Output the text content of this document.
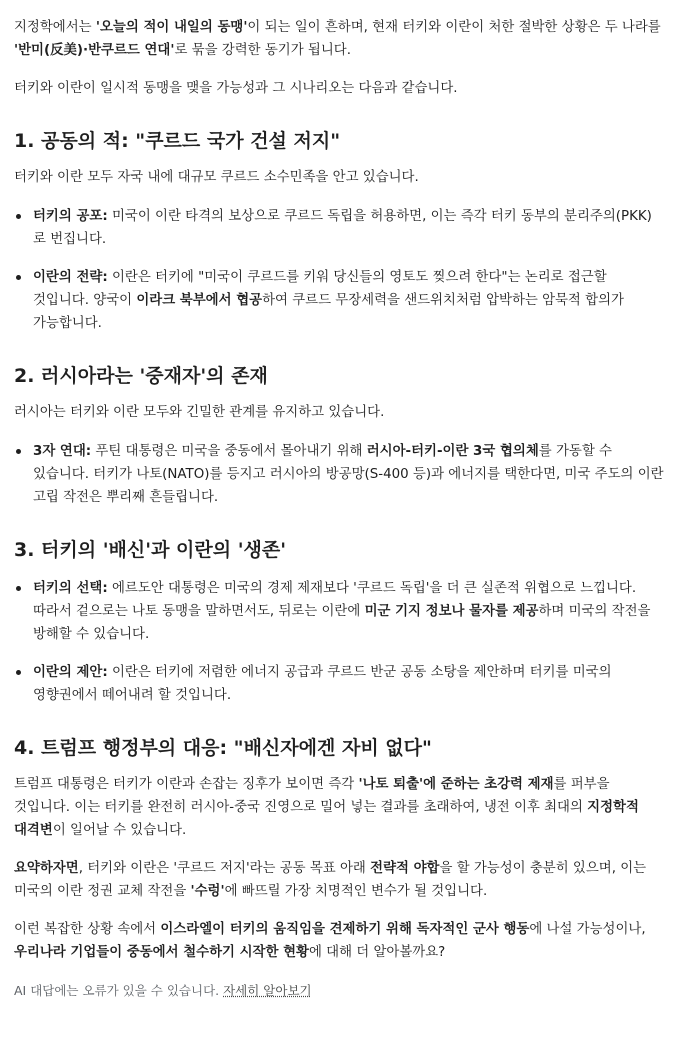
지정학에서는 '오늘의 적이 내일의 동맹'이 되는 일이 흔하며, 현재 터키와 이란이 처한 절박한 상황은 두 나라를 '반미(反美)·반쿠르드 연대'로 묶을 강력한 동기가 됩니다.

터키와 이란이 일시적 동맹을 맺을 가능성과 그 시나리오는 다음과 같습니다.

1. 공동의 적: "쿠르드 국가 건설 저지"

터키와 이란 모두 자국 내에 대규모 쿠르드 소수민족을 안고 있습니다.

터키의 공포: 미국이 이란 타격의 보상으로 쿠르드 독립을 허용하면, 이는 즉각 터키 동부의 분리주의(PKK)로 번집니다.
이란의 전략: 이란은 터키에 "미국이 쿠르드를 키워 당신들의 영토도 찢으려 한다"는 논리로 접근할 것입니다. 양국이 이라크 북부에서 협공하여 쿠르드 무장세력을 샌드위치처럼 압박하는 암묵적 합의가 가능합니다.
2. 러시아라는 '중재자'의 존재

러시아는 터키와 이란 모두와 긴밀한 관계를 유지하고 있습니다.

3자 연대: 푸틴 대통령은 미국을 중동에서 몰아내기 위해 러시아-터키-이란 3국 협의체를 가동할 수 있습니다. 터키가 나토(NATO)를 등지고 러시아의 방공망(S-400 등)과 에너지를 택한다면, 미국 주도의 이란 고립 작전은 뿌리째 흔들립니다.
3. 터키의 '배신'과 이란의 '생존'
터키의 선택: 에르도안 대통령은 미국의 경제 제재보다 '쿠르드 독립'을 더 큰 실존적 위협으로 느낍니다. 따라서 겉으로는 나토 동맹을 말하면서도, 뒤로는 이란에 미군 기지 정보나 물자를 제공하며 미국의 작전을 방해할 수 있습니다.
이란의 제안: 이란은 터키에 저렴한 에너지 공급과 쿠르드 반군 공동 소탕을 제안하며 터키를 미국의 영향권에서 떼어내려 할 것입니다.
4. 트럼프 행정부의 대응: "배신자에겐 자비 없다"

트럼프 대통령은 터키가 이란과 손잡는 징후가 보이면 즉각 '나토 퇴출'에 준하는 초강력 제재를 퍼부을 것입니다. 이는 터키를 완전히 러시아-중국 진영으로 밀어 넣는 결과를 초래하여, 냉전 이후 최대의 지정학적 대격변이 일어날 수 있습니다.

요약하자면, 터키와 이란은 '쿠르드 저지'라는 공동 목표 아래 전략적 야합을 할 가능성이 충분히 있으며, 이는 미국의 이란 정권 교체 작전을 '수렁'에 빠뜨릴 가장 치명적인 변수가 될 것입니다.

이런 복잡한 상황 속에서 이스라엘이 터키의 움직임을 견제하기 위해 독자적인 군사 행동에 나설 가능성이나, 우리나라 기업들이 중동에서 철수하기 시작한 현황에 대해 더 알아볼까요?

AI 대답에는 오류가 있을 수 있습니다. 자세히 알아보기
